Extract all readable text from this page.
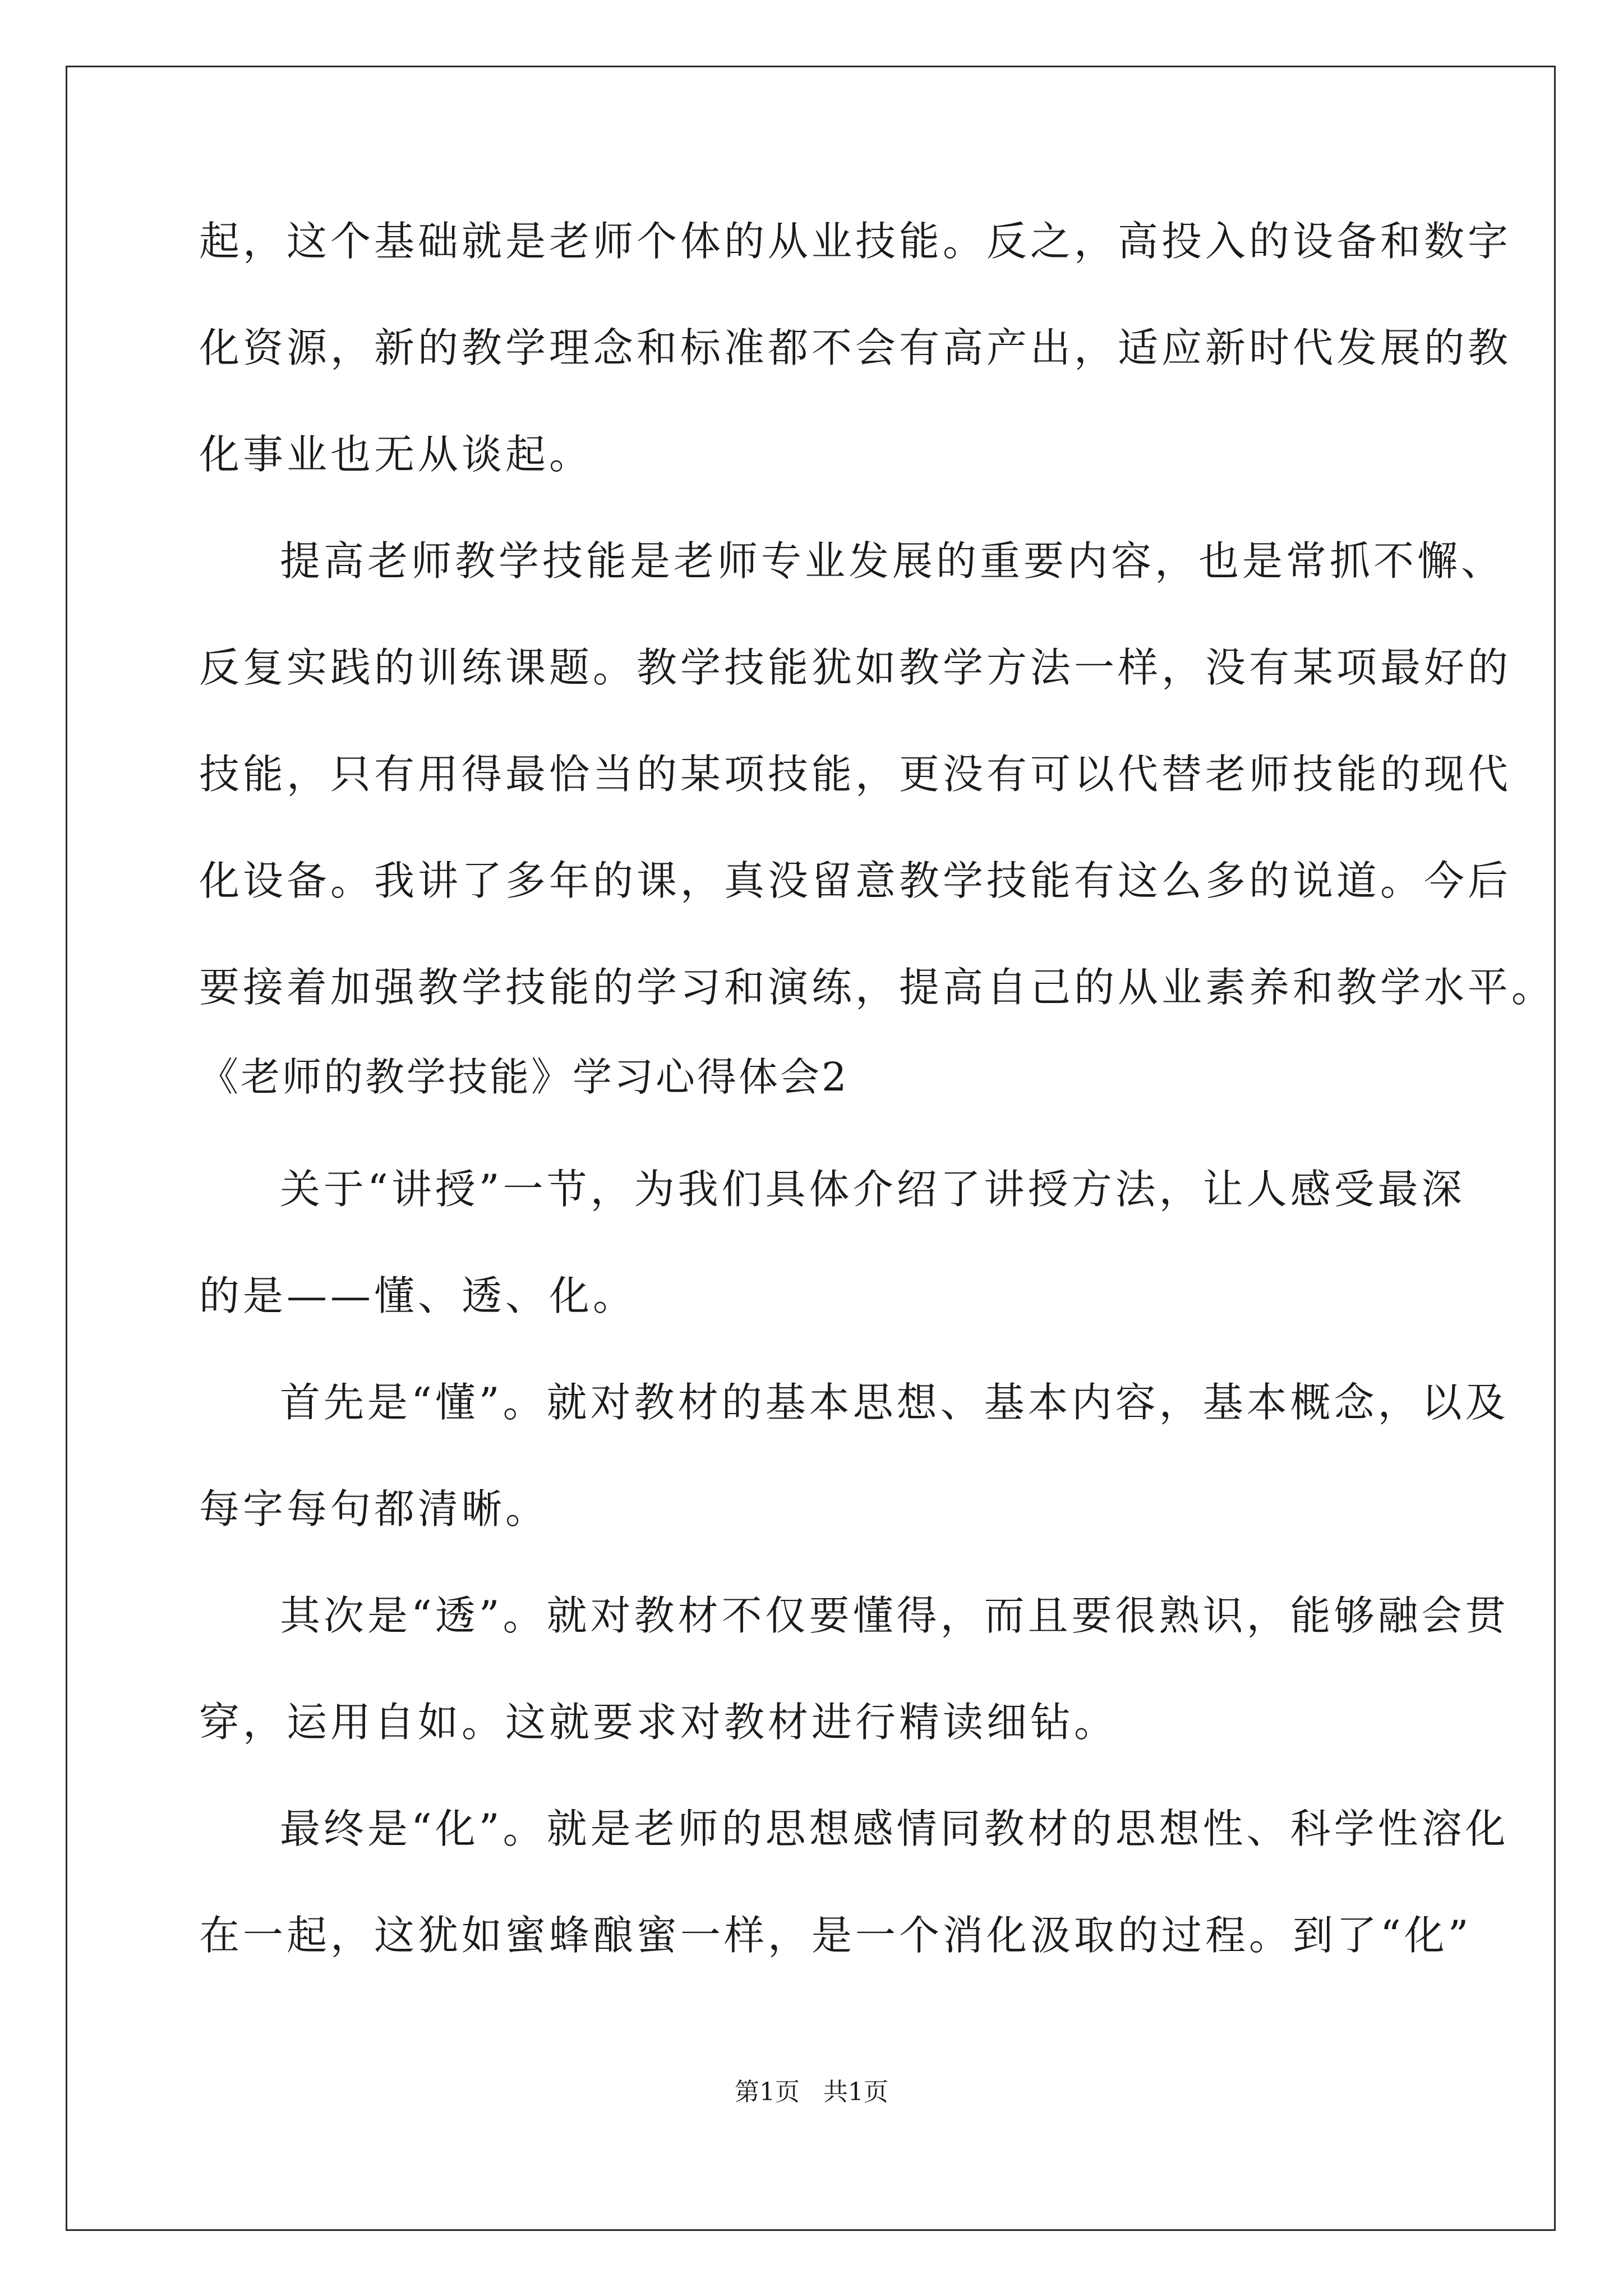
起，这个基础就是老师个体的从业技能。反之，高投入的设备和数字
化资源，新的教学理念和标准都不会有高产出，适应新时代发展的教
化事业也无从谈起。
提高老师教学技能是老师专业发展的重要内容，也是常抓不懈、
反复实践的训练课题。教学技能犹如教学方法一样，没有某项最好的
技能，只有用得最恰当的某项技能，更没有可以代替老师技能的现代
化设备。我讲了多年的课，真没留意教学技能有这么多的说道。今后
要接着加强教学技能的学习和演练，提高自己的从业素养和教学水平。
《老师的教学技能》学习心得体会2
关于“讲授”一节，为我们具体介绍了讲授方法，让人感受最深
的是——懂、透、化。
首先是“懂”。就对教材的基本思想、基本内容，基本概念，以及
每字每句都清晰。
其次是“透”。就对教材不仅要懂得，而且要很熟识，能够融会贯
穿，运用自如。这就要求对教材进行精读细钻。
最终是“化”。就是老师的思想感情同教材的思想性、科学性溶化
在一起，这犹如蜜蜂酿蜜一样，是一个消化汲取的过程。到了“化”
第1页   共1页
